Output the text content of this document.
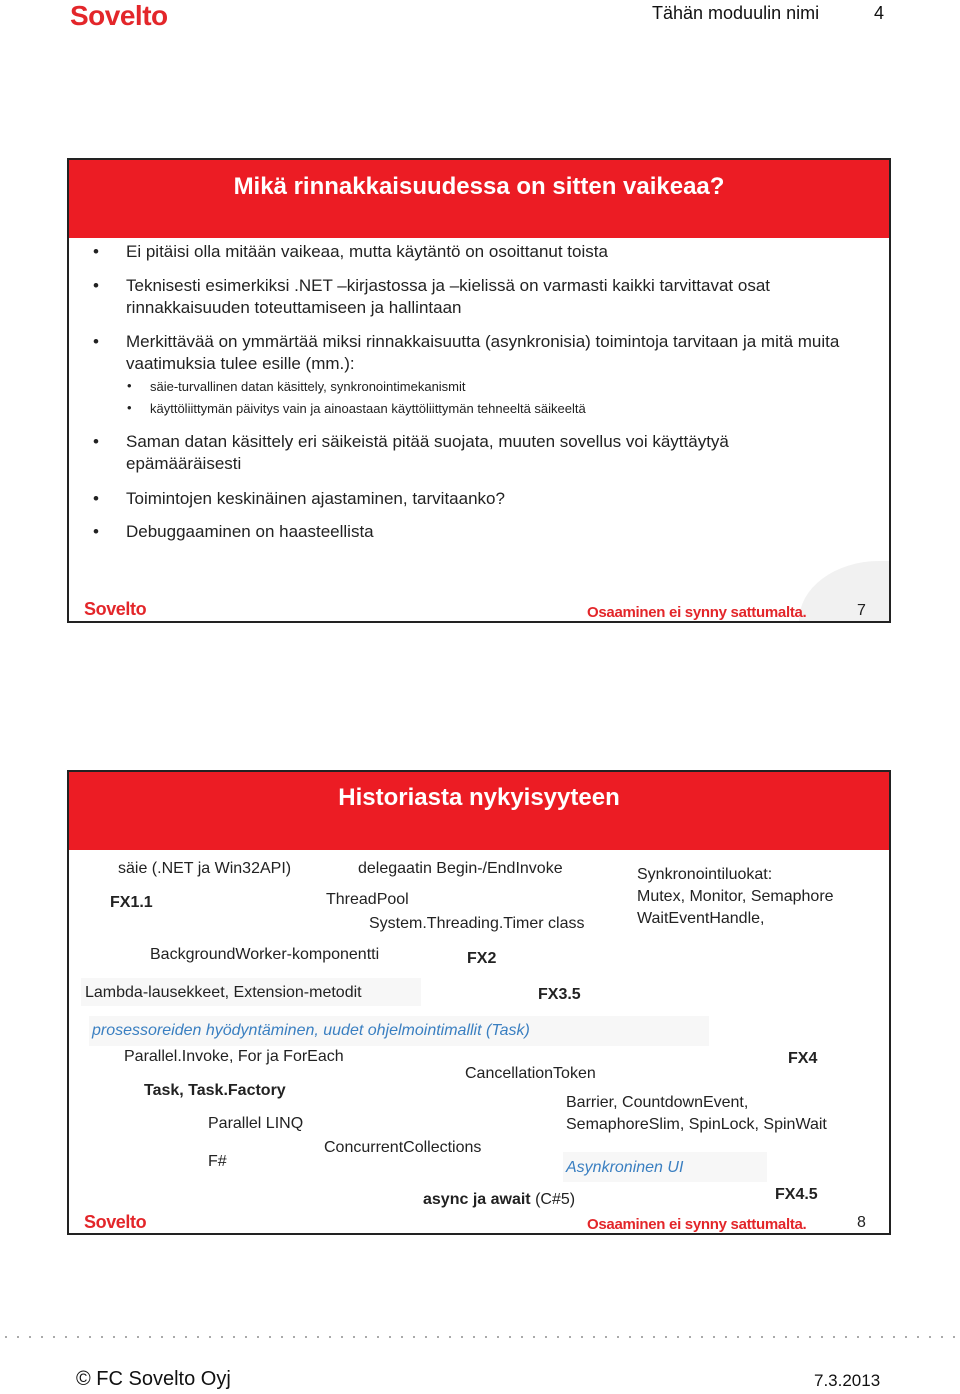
Sovelto	Tähän moduulin nimi	4
Mikä rinnakkaisuudessa on sitten vaikeaa?
• Ei pitäisi olla mitään vaikeaa, mutta käytäntö on osoittanut toista
• Teknisesti esimerkiksi .NET –kirjastossa ja –kielissä on varmasti kaikki tarvittavat osat rinnakkaisuuden toteuttamiseen ja hallintaan
• Merkittävää on ymmärtää miksi rinnakkaisuutta (asynkronisia) toimintoja tarvitaan ja mitä muita vaatimuksia tulee esille (mm.):
• säie-turvallinen datan käsittely, synkronointimekanismit
• käyttöliittymän päivitys vain ja ainoastaan käyttöliittymän tehneeltä säikeeltä
• Saman datan käsittely eri säikeistä pitää suojata, muuten sovellus voi käyttäytyä epämääräisesti
• Toimintojen keskinäinen ajastaminen, tarvitaanko?
• Debuggaaminen on haasteellista
Sovelto	Osaaminen ei synny sattumalta.	7
Historiasta nykyisyyteen
säie (.NET ja Win32API)	delegaatin Begin-/EndInvoke	Synkronointiluokat:
Mutex, Monitor, Semaphore
WaitEventHandle,
FX1.1	ThreadPool
System.Threading.Timer class
BackgroundWorker-komponentti	FX2
Lambda-lausekkeet, Extension-metodit	FX3.5
prosessoreiden hyödyntäminen, uudet ohjelmointimallit (Task)
Parallel.Invoke, For ja ForEach	FX4
CancellationToken
Task, Task.Factory
Barrier, CountdownEvent,
SemaphoreSlim, SpinLock, SpinWait
Parallel LINQ
ConcurrentCollections
F#	Asynkroninen UI
async ja await (C#5)	FX4.5
Sovelto	Osaaminen ei synny sattumalta.	8
© FC Sovelto Oyj	7.3.2013
